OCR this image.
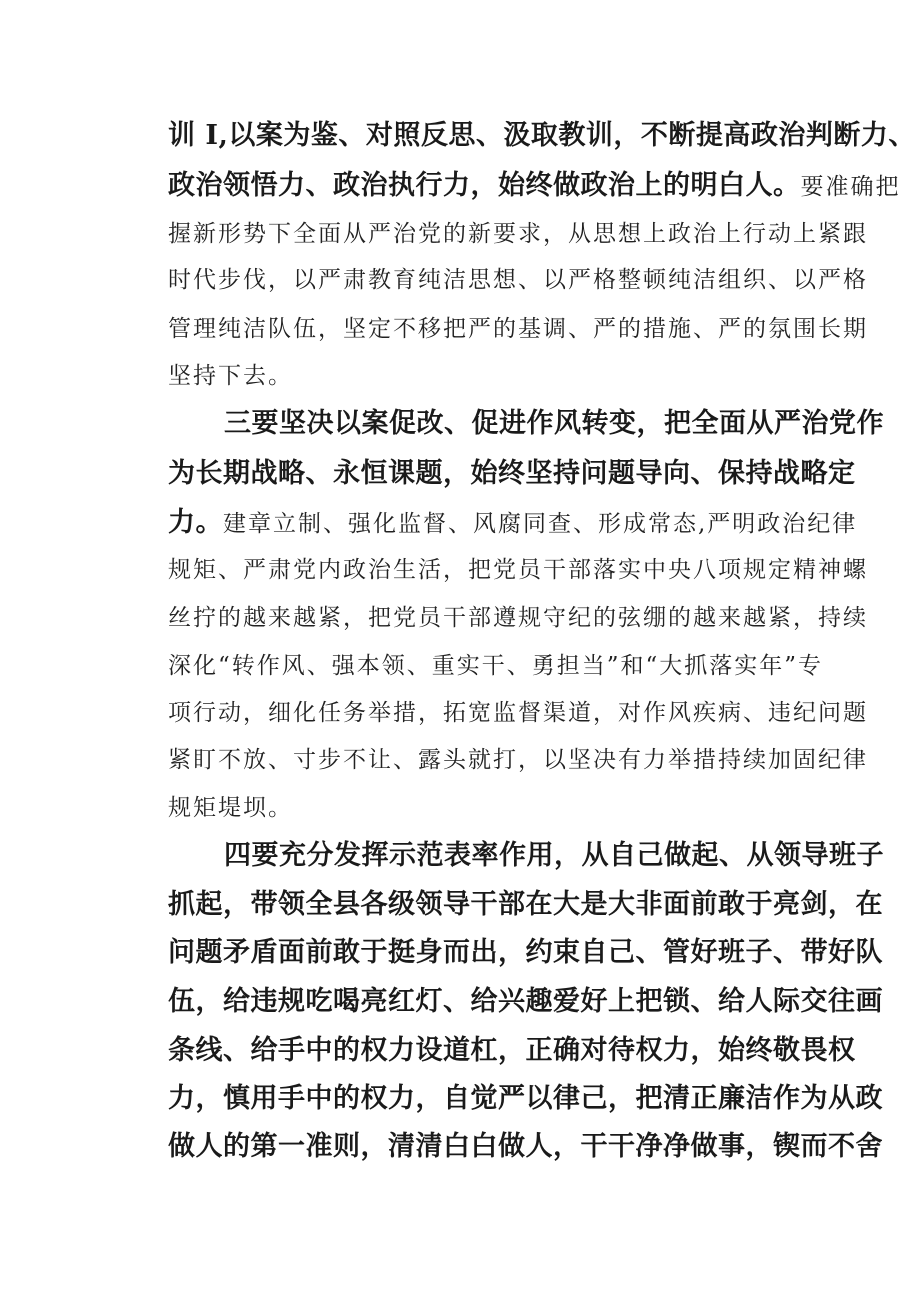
训 I,以案为鉴、对照反思、汲取教训，不断提高政治判断力、
政治领悟力、政治执行力，始终做政治上的明白人。要准确把
握新形势下全面从严治党的新要求，从思想上政治上行动上紧跟
时代步伐，以严肃教育纯洁思想、以严格整顿纯洁组织、以严格
管理纯洁队伍，坚定不移把严的基调、严的措施、严的氛围长期
坚持下去。
三要坚决以案促改、促进作风转变，把全面从严治党作
为长期战略、永恒课题，始终坚持问题导向、保持战略定
力。建章立制、强化监督、风腐同查、形成常态,严明政治纪律
规矩、严肃党内政治生活，把党员干部落实中央八项规定精神螺
丝拧的越来越紧，把党员干部遵规守纪的弦绷的越来越紧，持续
深化“转作风、强本领、重实干、勇担当”和“大抓落实年”专
项行动，细化任务举措，拓宽监督渠道，对作风疾病、违纪问题
紧盯不放、寸步不让、露头就打，以坚决有力举措持续加固纪律
规矩堤坝。
四要充分发挥示范表率作用，从自己做起、从领导班子
抓起，带领全县各级领导干部在大是大非面前敢于亮剑，在
问题矛盾面前敢于挺身而出，约束自己、管好班子、带好队
伍，给违规吃喝亮红灯、给兴趣爱好上把锁、给人际交往画
条线、给手中的权力设道杠，正确对待权力，始终敬畏权
力，慎用手中的权力，自觉严以律己，把清正廉洁作为从政
做人的第一准则，清清白白做人，干干净净做事，锲而不舍
